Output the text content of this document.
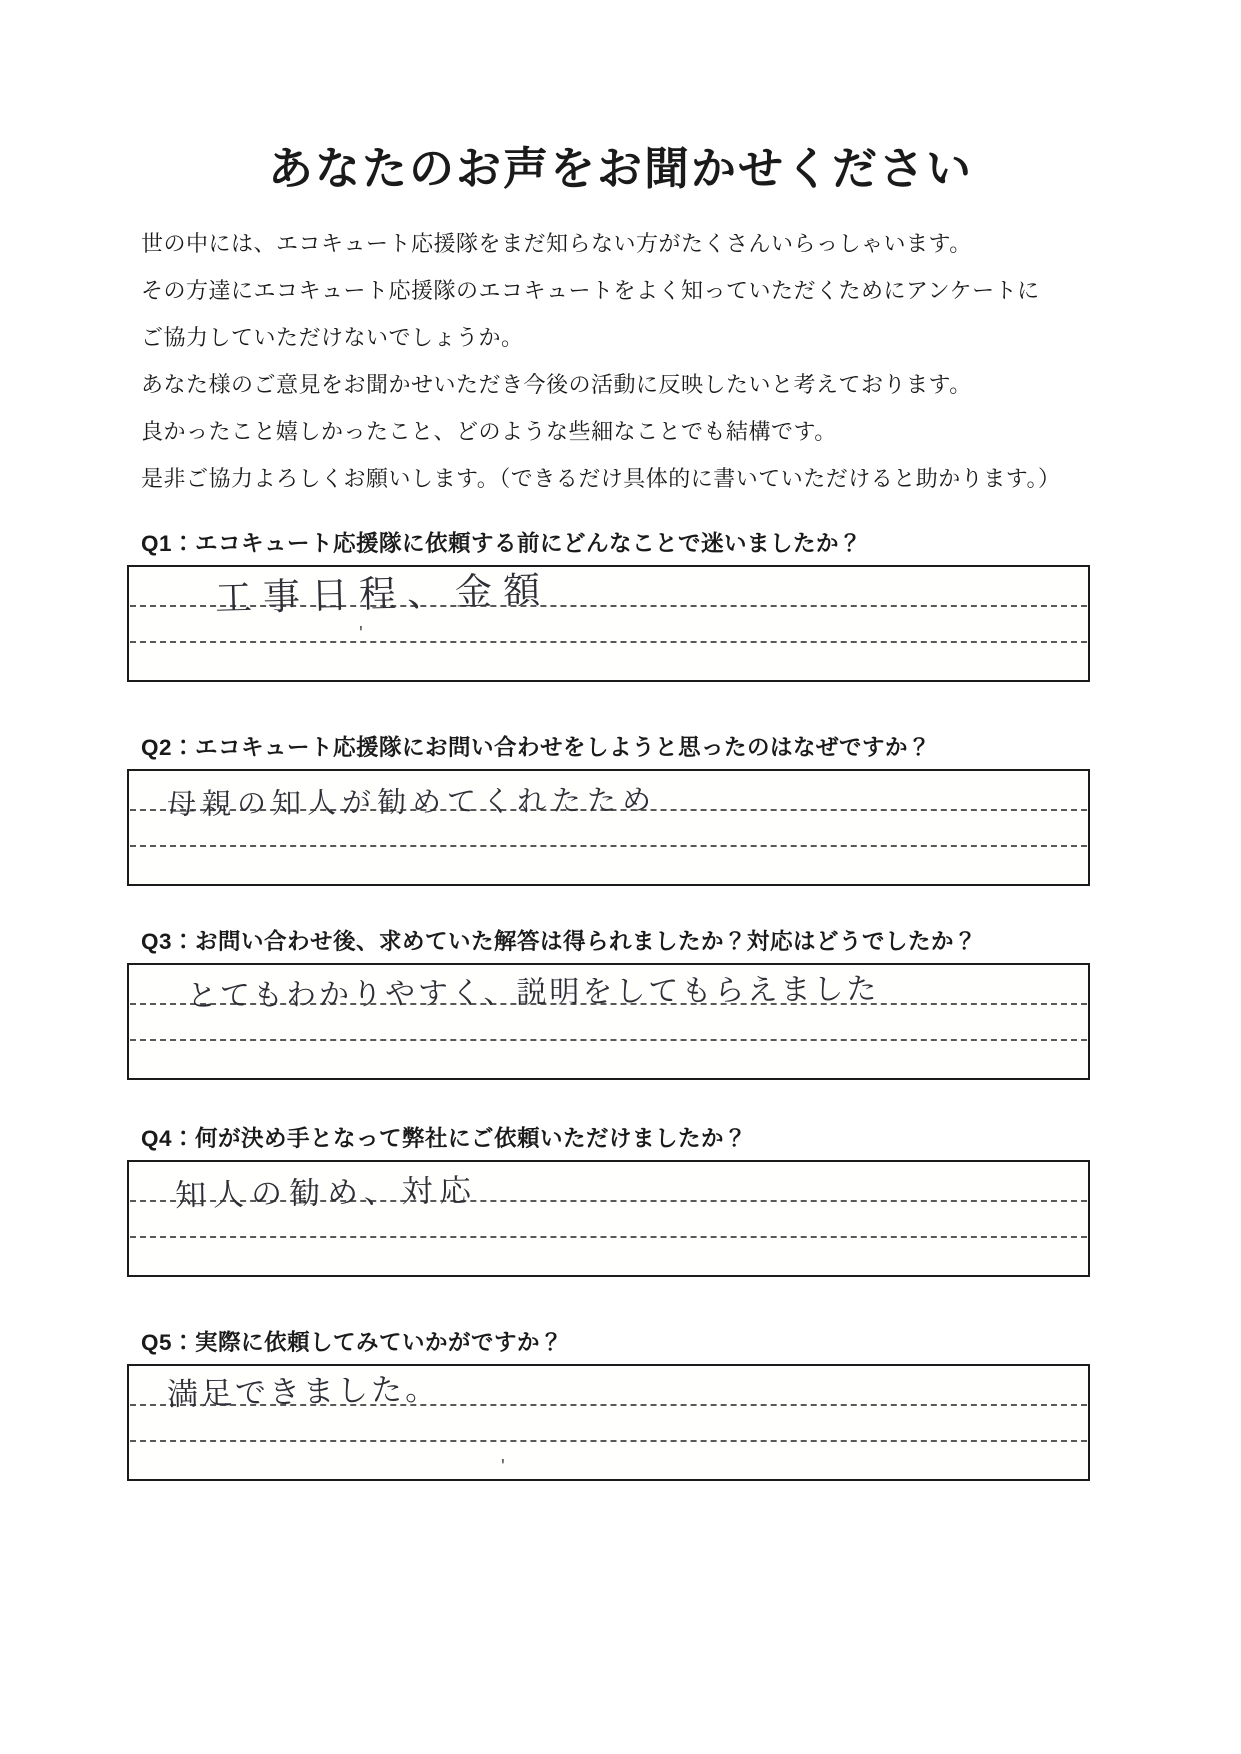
あなたのお声をお聞かせください
世の中には、エコキュート応援隊をまだ知らない方がたくさんいらっしゃいます。
その方達にエコキュート応援隊のエコキュートをよく知っていただくためにアンケートに
ご協力していただけないでしょうか。
あなた様のご意見をお聞かせいただき今後の活動に反映したいと考えております。
良かったこと嬉しかったこと、どのような些細なことでも結構です。
是非ご協力よろしくお願いします。（できるだけ具体的に書いていただけると助かります。）
Q1：エコキュート応援隊に依頼する前にどんなことで迷いましたか？
工事日程、金額
'
Q2：エコキュート応援隊にお問い合わせをしようと思ったのはなぜですか？
母親の知人が勧めてくれたため
Q3：お問い合わせ後、求めていた解答は得られましたか？対応はどうでしたか？
とてもわかりやすく、説明をしてもらえました
Q4：何が決め手となって弊社にご依頼いただけましたか？
知人の勧め、対応
Q5：実際に依頼してみていかがですか？
満足できました。
'
